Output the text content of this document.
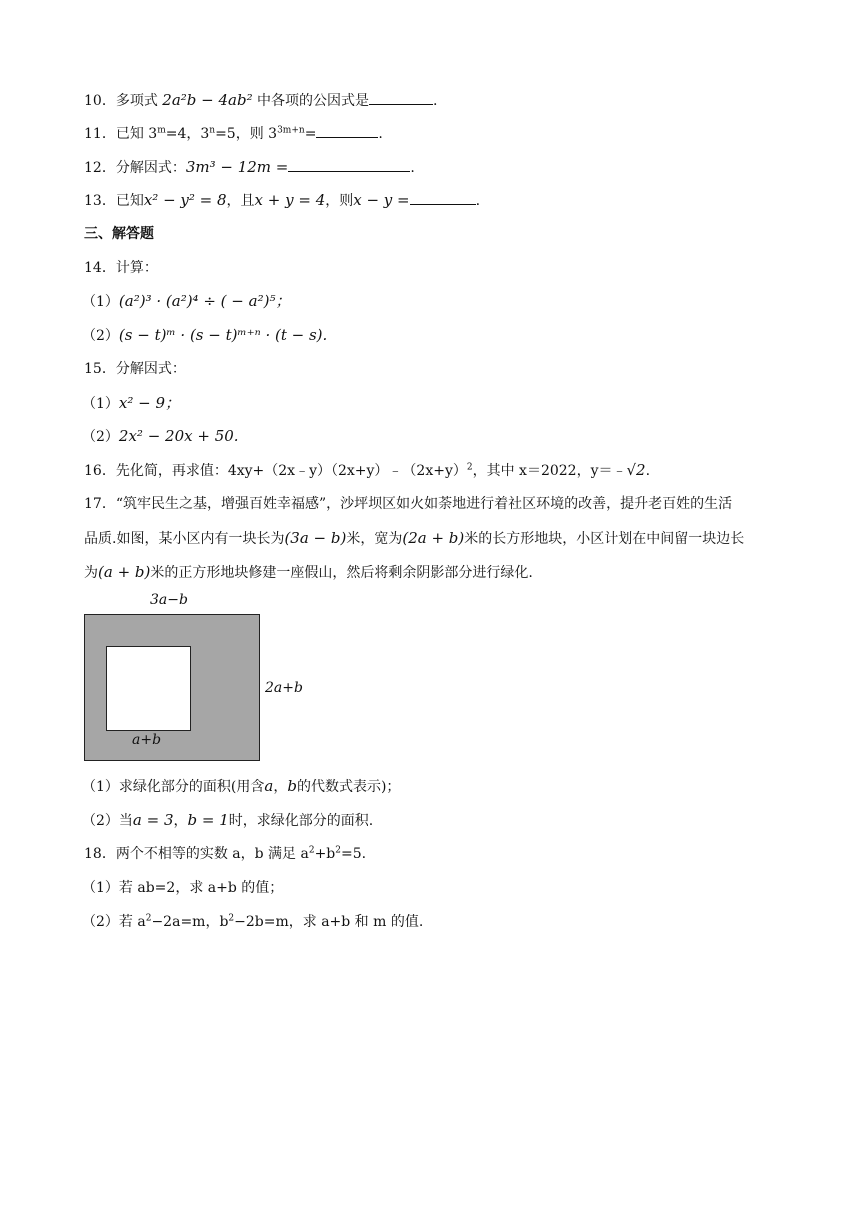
10．多项式 2a²b − 4ab² 中各项的公因式是	.
11．已知 $3^m=4$，$3^n=5$，则 $3^{3m+n}=$	.
12．分解因式：3m³ − 12m =	.
13．已知x² − y² = 8，且x + y = 4，则x − y =	.
三、解答题
14．计算：
（1）(a²)³ · (a²)⁴ ÷ ( − a²)⁵；
（2）(s − t)ᵐ · (s − t)ᵐ⁺ⁿ · (t − s).
15．分解因式：
（1）x² − 9；
（2）2x² − 20x + 50.
16．先化简，再求值：$4xy+(2x﹣y)(2x+y)﹣(2x+y)^2$，其中 x＝2022，y＝﹣√2.
17．“筑牢民生之基，增强百姓幸福感”，沙坪坝区如火如荼地进行着社区环境的改善，提升老百姓的生活
品质.如图，某小区内有一块长为(3a − b)米，宽为(2a + b)米的长方形地块，小区计划在中间留一块边长
为(a + b)米的正方形地块修建一座假山，然后将剩余阴影部分进行绿化.
3a−b
2a+b
a+b
（1）求绿化部分的面积(用含a，b的代数式表示)；
（2）当a = 3，b = 1时，求绿化部分的面积.
18．两个不相等的实数 a，b 满足 $a^2+b^2=5$.
（1）若 ab=2，求 a+b 的值；
（2）若 $a^2-2a=m$，$b^2-2b=m$，求 a+b 和 m 的值.
